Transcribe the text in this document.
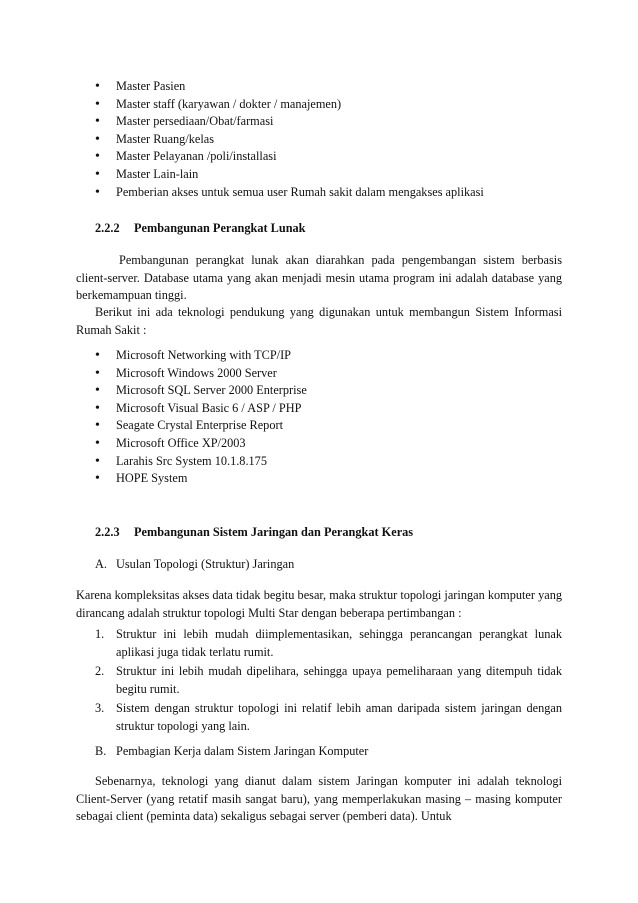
• Master Pasien
• Master staff (karyawan / dokter / manajemen)
• Master persediaan/Obat/farmasi
• Master Ruang/kelas
• Master Pelayanan /poli/installasi
• Master Lain-lain
• Pemberian akses untuk semua user Rumah sakit dalam mengakses aplikasi
2.2.2 Pembangunan Perangkat Lunak
Pembangunan perangkat lunak akan diarahkan pada pengembangan sistem berbasis client-server. Database utama yang akan menjadi mesin utama program ini adalah database yang berkemampuan tinggi.
Berikut ini ada teknologi pendukung yang digunakan untuk membangun Sistem Informasi Rumah Sakit :
• Microsoft Networking with TCP/IP
• Microsoft Windows 2000 Server
• Microsoft SQL Server 2000 Enterprise
• Microsoft Visual Basic 6 / ASP / PHP
• Seagate Crystal Enterprise Report
• Microsoft Office XP/2003
• Larahis Src System 10.1.8.175
• HOPE System
2.2.3 Pembangunan Sistem Jaringan dan Perangkat Keras
A. Usulan Topologi (Struktur) Jaringan
Karena kompleksitas akses data tidak begitu besar, maka struktur topologi jaringan komputer yang dirancang adalah struktur topologi Multi Star dengan beberapa pertimbangan :
1. Struktur ini lebih mudah diimplementasikan, sehingga perancangan perangkat lunak aplikasi juga tidak terlatu rumit.
2. Struktur ini lebih mudah dipelihara, sehingga upaya pemeliharaan yang ditempuh tidak begitu rumit.
3. Sistem dengan struktur topologi ini relatif lebih aman daripada sistem jaringan dengan struktur topologi yang lain.
B. Pembagian Kerja dalam Sistem Jaringan Komputer
Sebenarnya, teknologi yang dianut dalam sistem Jaringan komputer ini adalah teknologi Client-Server (yang retatif masih sangat baru), yang memperlakukan masing – masing komputer sebagai client (peminta data) sekaligus sebagai server (pemberi data). Untuk
